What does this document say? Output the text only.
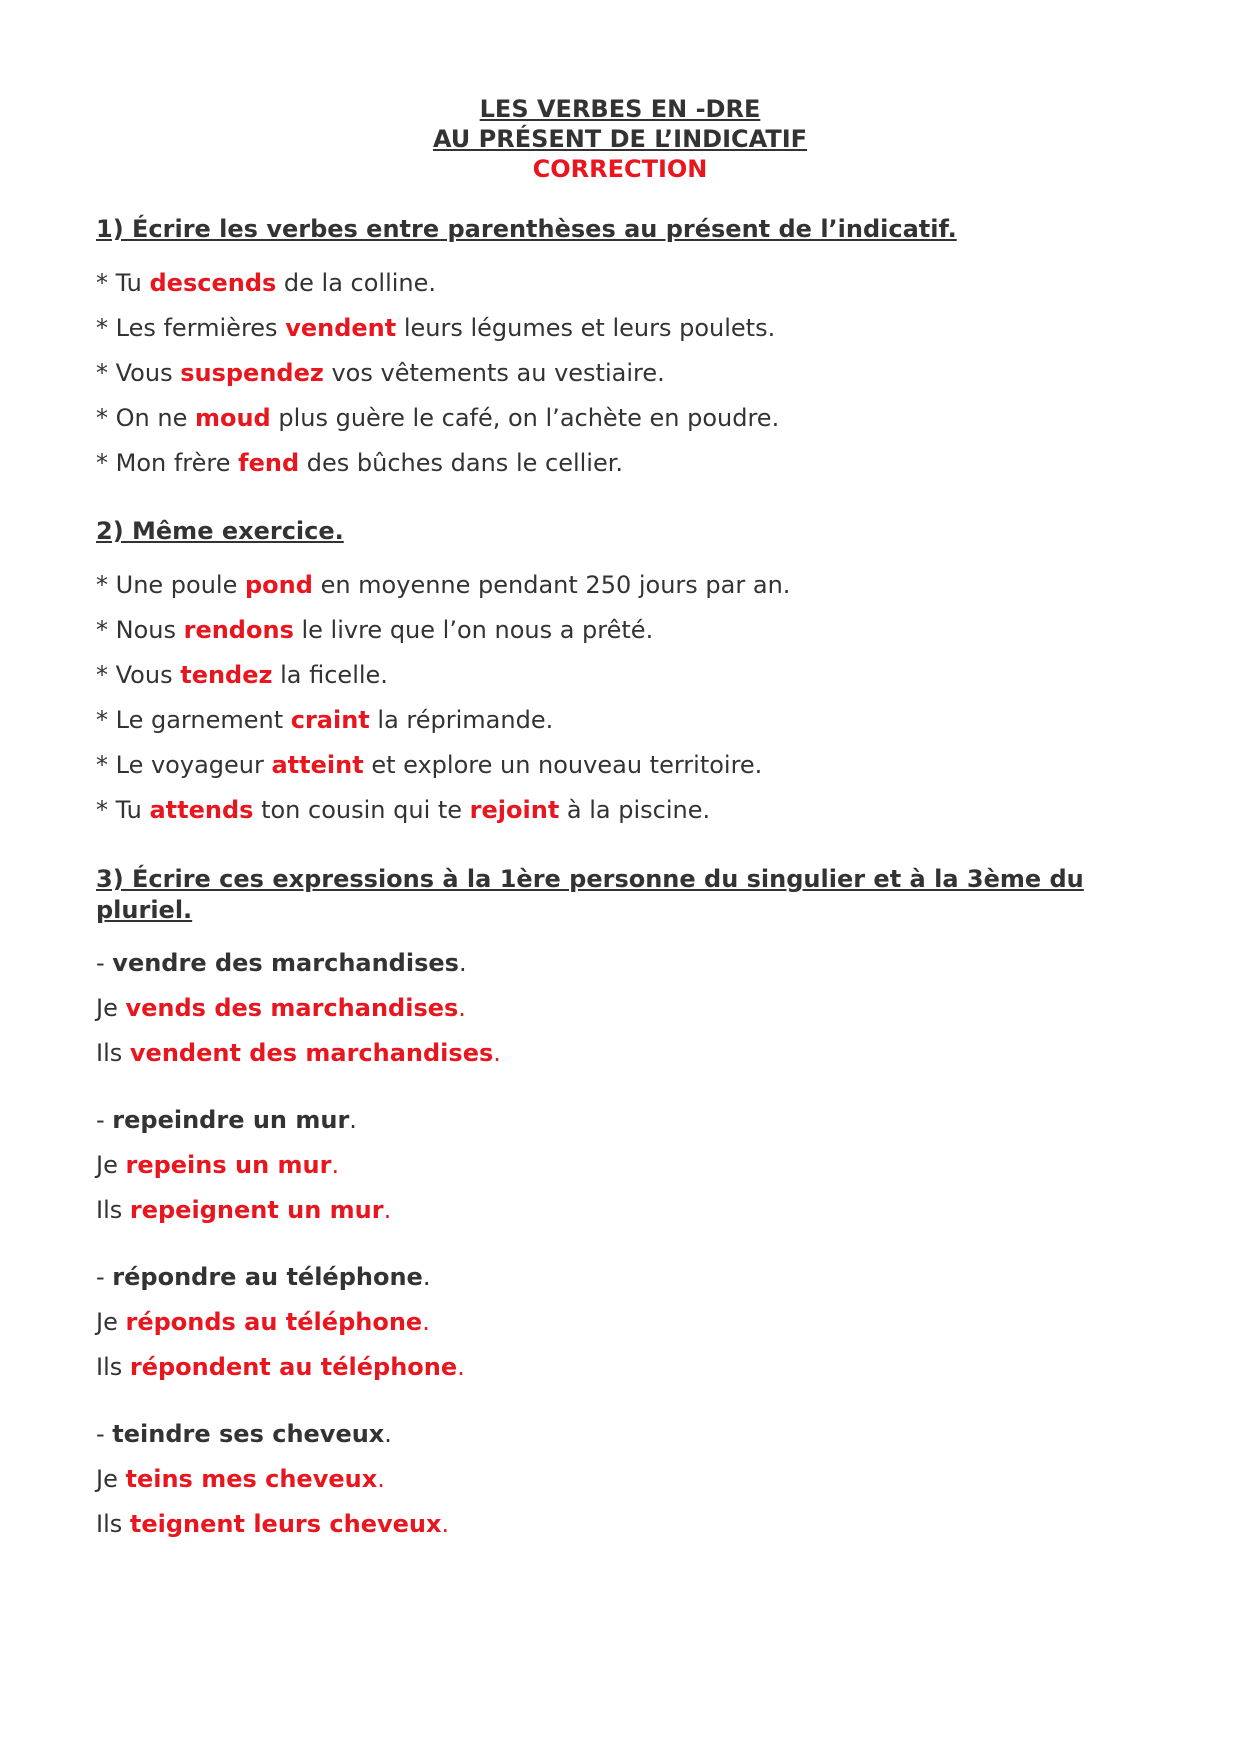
LES VERBES EN -DRE
AU PRÉSENT DE L’INDICATIF
CORRECTION

1) Écrire les verbes entre parenthèses au présent de l’indicatif.

* Tu descends de la colline.

* Les fermières vendent leurs légumes et leurs poulets.

* Vous suspendez vos vêtements au vestiaire.

* On ne moud plus guère le café, on l’achète en poudre.

* Mon frère fend des bûches dans le cellier.

2) Même exercice.

* Une poule pond en moyenne pendant 250 jours par an.

* Nous rendons le livre que l’on nous a prêté.

* Vous tendez la ficelle.

* Le garnement craint la réprimande.

* Le voyageur atteint et explore un nouveau territoire.

* Tu attends ton cousin qui te rejoint à la piscine.

3) Écrire ces expressions à la 1ère personne du singulier et à la 3ème du

pluriel.

- vendre des marchandises.

Je vends des marchandises.

Ils vendent des marchandises.

- repeindre un mur.

Je repeins un mur.

Ils repeignent un mur.

- répondre au téléphone.

Je réponds au téléphone.

Ils répondent au téléphone.

- teindre ses cheveux.

Je teins mes cheveux.

Ils teignent leurs cheveux.
